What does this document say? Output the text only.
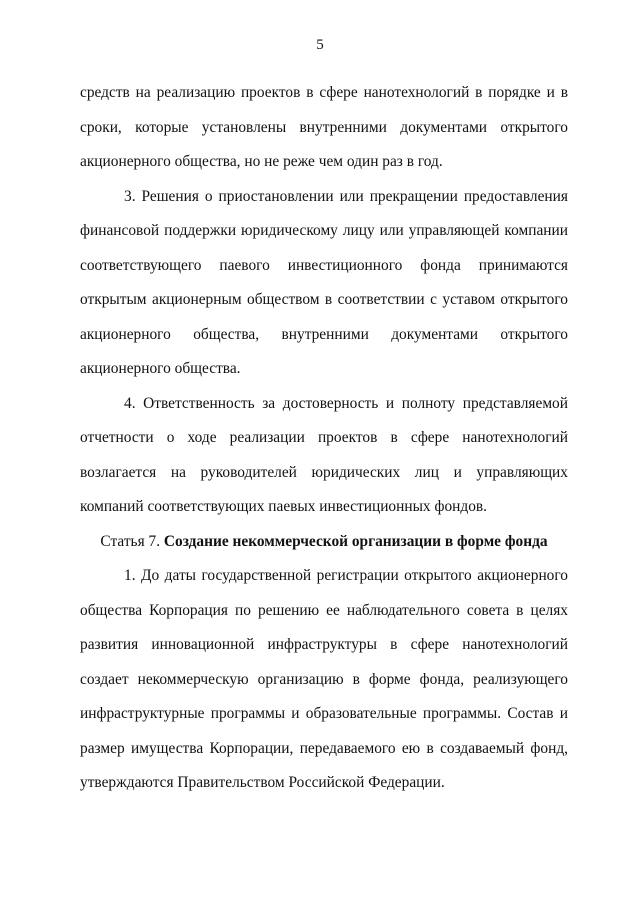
5

средств на реализацию проектов в сфере нанотехнологий в порядке и в сроки, которые установлены внутренними документами открытого акционерного общества, но не реже чем один раз в год.

3. Решения о приостановлении или прекращении предоставления финансовой поддержки юридическому лицу или управляющей компании соответствующего паевого инвестиционного фонда принимаются открытым акционерным обществом в соответствии с уставом открытого акционерного общества, внутренними документами открытого акционерного общества.

4. Ответственность за достоверность и полноту представляемой отчетности о ходе реализации проектов в сфере нанотехнологий возлагается на руководителей юридических лиц и управляющих компаний соответствующих паевых инвестиционных фондов.

Статья 7. Создание некоммерческой организации в форме фонда

1. До даты государственной регистрации открытого акционерного общества Корпорация по решению ее наблюдательного совета в целях развития инновационной инфраструктуры в сфере нанотехнологий создает некоммерческую организацию в форме фонда, реализующего инфраструктурные программы и образовательные программы. Состав и размер имущества Корпорации, передаваемого ею в создаваемый фонд, утверждаются Правительством Российской Федерации.
